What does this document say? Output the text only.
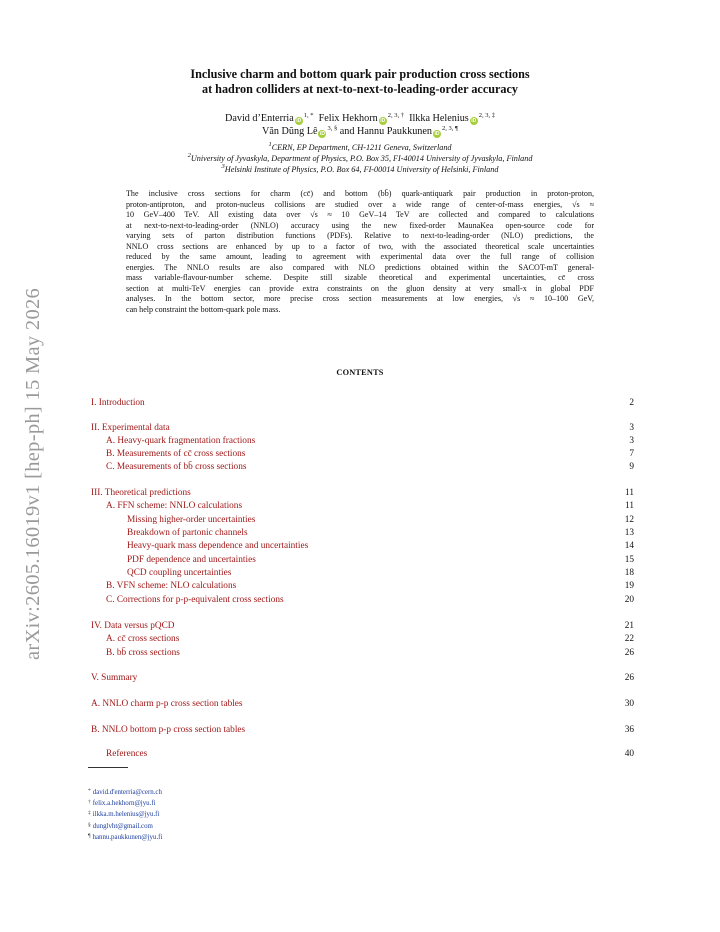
arXiv:2605.16019v1 [hep-ph] 15 May 2026
Inclusive charm and bottom quark pair production cross sections
at hadron colliders at next-to-next-to-leading-order accuracy
David d’Enterria $iD^{1, *}$ Felix Hekhorn $iD^{2, 3, \dagger}$ Ilkka Helenius $iD^{2, 3, \ddagger}$
Văn Dũng Lê $iD^{3, \S}$ and Hannu Paukkunen $iD^{2, 3, \P}$
$^1$CERN, EP Department, CH-1211 Geneva, Switzerland
$^2$University of Jyvaskyla, Department of Physics, P.O. Box 35, FI-40014 University of Jyvaskyla, Finland
$^3$Helsinki Institute of Physics, P.O. Box 64, FI-00014 University of Helsinki, Finland
The inclusive cross sections for charm (cc̄) and bottom (bb̄) quark-antiquark pair production in proton-proton,
proton-antiproton, and proton-nucleus collisions are studied over a wide range of center-of-mass energies, √s ≈
10 GeV–400 TeV. All existing data over √s ≈ 10 GeV–14 TeV are collected and compared to calculations
at next-to-next-to-leading-order (NNLO) accuracy using the new fixed-order MaunaKea open-source code for
varying sets of parton distribution functions (PDFs). Relative to next-to-leading-order (NLO) predictions, the
NNLO cross sections are enhanced by up to a factor of two, with the associated theoretical scale uncertainties
reduced by the same amount, leading to agreement with experimental data over the full range of collision
energies. The NNLO results are also compared with NLO predictions obtained within the SACOT-mT general-
mass variable-flavour-number scheme. Despite still sizable theoretical and experimental uncertainties, cc̄ cross
section at multi-TeV energies can provide extra constraints on the gluon density at very small-x in global PDF
analyses. In the bottom sector, more precise cross section measurements at low energies, √s ≈ 10–100 GeV,
can help constraint the bottom-quark pole mass.
CONTENTS
I. Introduction	2
II. Experimental data	3
A. Heavy-quark fragmentation fractions	3
B. Measurements of cc̄ cross sections	7
C. Measurements of bb̄ cross sections	9
III. Theoretical predictions	11
A. FFN scheme: NNLO calculations	11
Missing higher-order uncertainties	12
Breakdown of partonic channels	13
Heavy-quark mass dependence and uncertainties	14
PDF dependence and uncertainties	15
QCD coupling uncertainties	18
B. VFN scheme: NLO calculations	19
C. Corrections for p-p-equivalent cross sections	20
IV. Data versus pQCD	21
A. cc̄ cross sections	22
B. bb̄ cross sections	26
V. Summary	26
A. NNLO charm p-p cross section tables	30
B. NNLO bottom p-p cross section tables	36
References	40
* david.d'enterria@cern.ch
† felix.a.hekhorn@jyu.fi
‡ ilkka.m.helenius@jyu.fi
§ dunglvht@gmail.com
¶ hannu.paukkunen@jyu.fi
